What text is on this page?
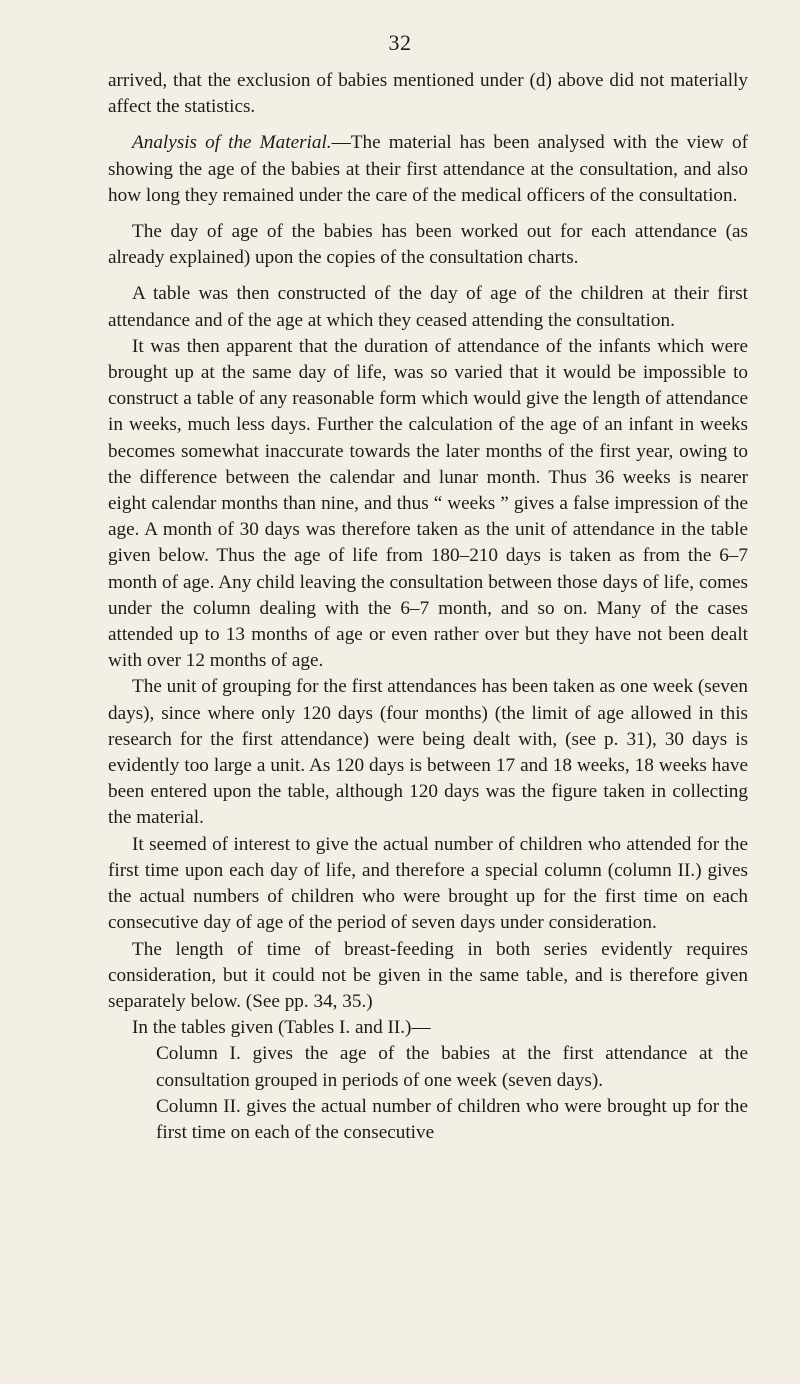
32

arrived, that the exclusion of babies mentioned under (d) above did not materially affect the statistics.

Analysis of the Material.—The material has been analysed with the view of showing the age of the babies at their first attendance at the consultation, and also how long they remained under the care of the medical officers of the consultation.

The day of age of the babies has been worked out for each attendance (as already explained) upon the copies of the consultation charts.

A table was then constructed of the day of age of the children at their first attendance and of the age at which they ceased attending the consultation.

It was then apparent that the duration of attendance of the infants which were brought up at the same day of life, was so varied that it would be impossible to construct a table of any reasonable form which would give the length of attendance in weeks, much less days. Further the calculation of the age of an infant in weeks becomes somewhat inaccurate towards the later months of the first year, owing to the difference between the calendar and lunar month. Thus 36 weeks is nearer eight calendar months than nine, and thus “ weeks ” gives a false impression of the age. A month of 30 days was therefore taken as the unit of attendance in the table given below. Thus the age of life from 180–210 days is taken as from the 6–7 month of age. Any child leaving the consultation between those days of life, comes under the column dealing with the 6–7 month, and so on. Many of the cases attended up to 13 months of age or even rather over but they have not been dealt with over 12 months of age.

The unit of grouping for the first attendances has been taken as one week (seven days), since where only 120 days (four months) (the limit of age allowed in this research for the first attendance) were being dealt with, (see p. 31), 30 days is evidently too large a unit. As 120 days is between 17 and 18 weeks, 18 weeks have been entered upon the table, although 120 days was the figure taken in collecting the material.

It seemed of interest to give the actual number of children who attended for the first time upon each day of life, and therefore a special column (column II.) gives the actual numbers of children who were brought up for the first time on each consecutive day of age of the period of seven days under consideration.

The length of time of breast-feeding in both series evidently requires consideration, but it could not be given in the same table, and is therefore given separately below. (See pp. 34, 35.)

In the tables given (Tables I. and II.)—

Column I. gives the age of the babies at the first attendance at the consultation grouped in periods of one week (seven days).

Column II. gives the actual number of children who were brought up for the first time on each of the consecutive
